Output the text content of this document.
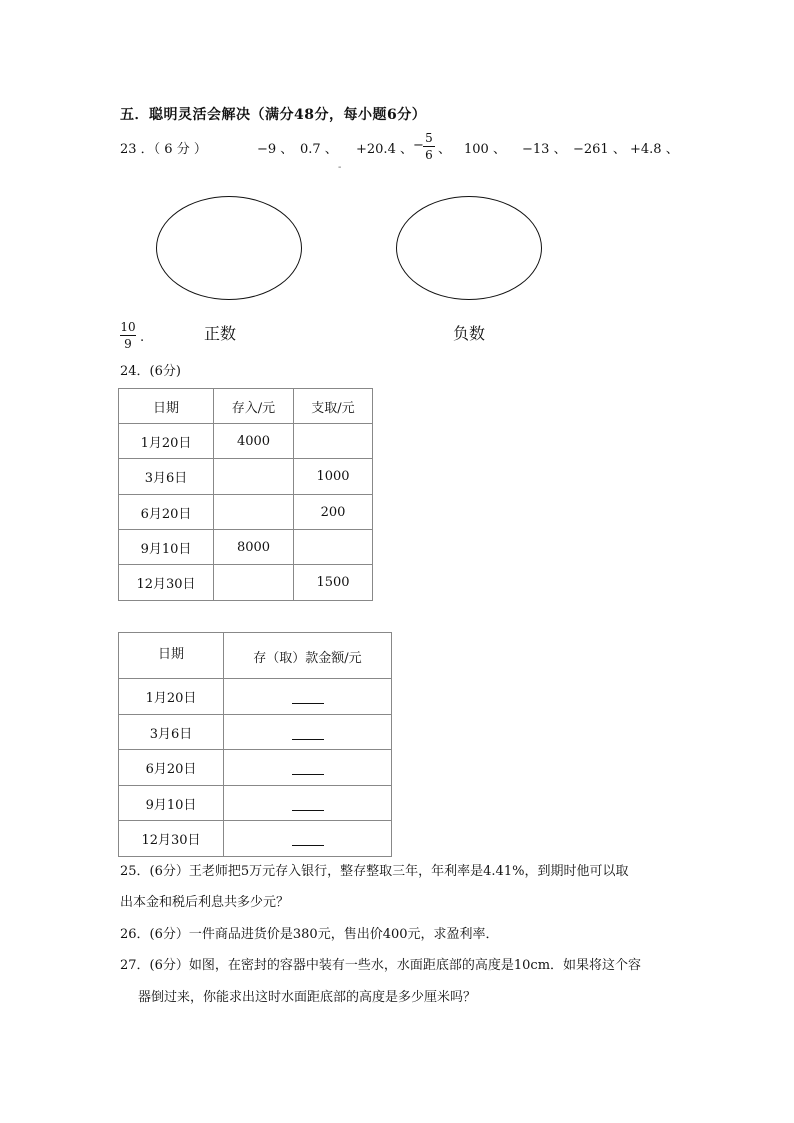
五．聪明灵活会解决（满分48分，每小题6分）
23 ．（ 6 分 ）	−9 、 0.7 、 +20.4 、 − 5
6 、 100 、 −13 、 −261 、 +4.8 、
-
10
9 .	正数	负数
24．(6分)
日期	存入/元	支取/元
1月20日	4000	
3月6日		1000
6月20日		200
9月10日	8000	
12月30日		1500
日期	存（取）款金额/元
1月20日	
3月6日	
6月20日	
9月10日	
12月30日	
25．(6分）王老师把5万元存入银行，整存整取三年，年利率是4.41%，到期时他可以取
出本金和税后利息共多少元？
26．(6分）一件商品进货价是380元，售出价400元，求盈利率．
27．(6分）如图，在密封的容器中装有一些水，水面距底部的高度是10cm．如果将这个容
器倒过来，你能求出这时水面距底部的高度是多少厘米吗？
